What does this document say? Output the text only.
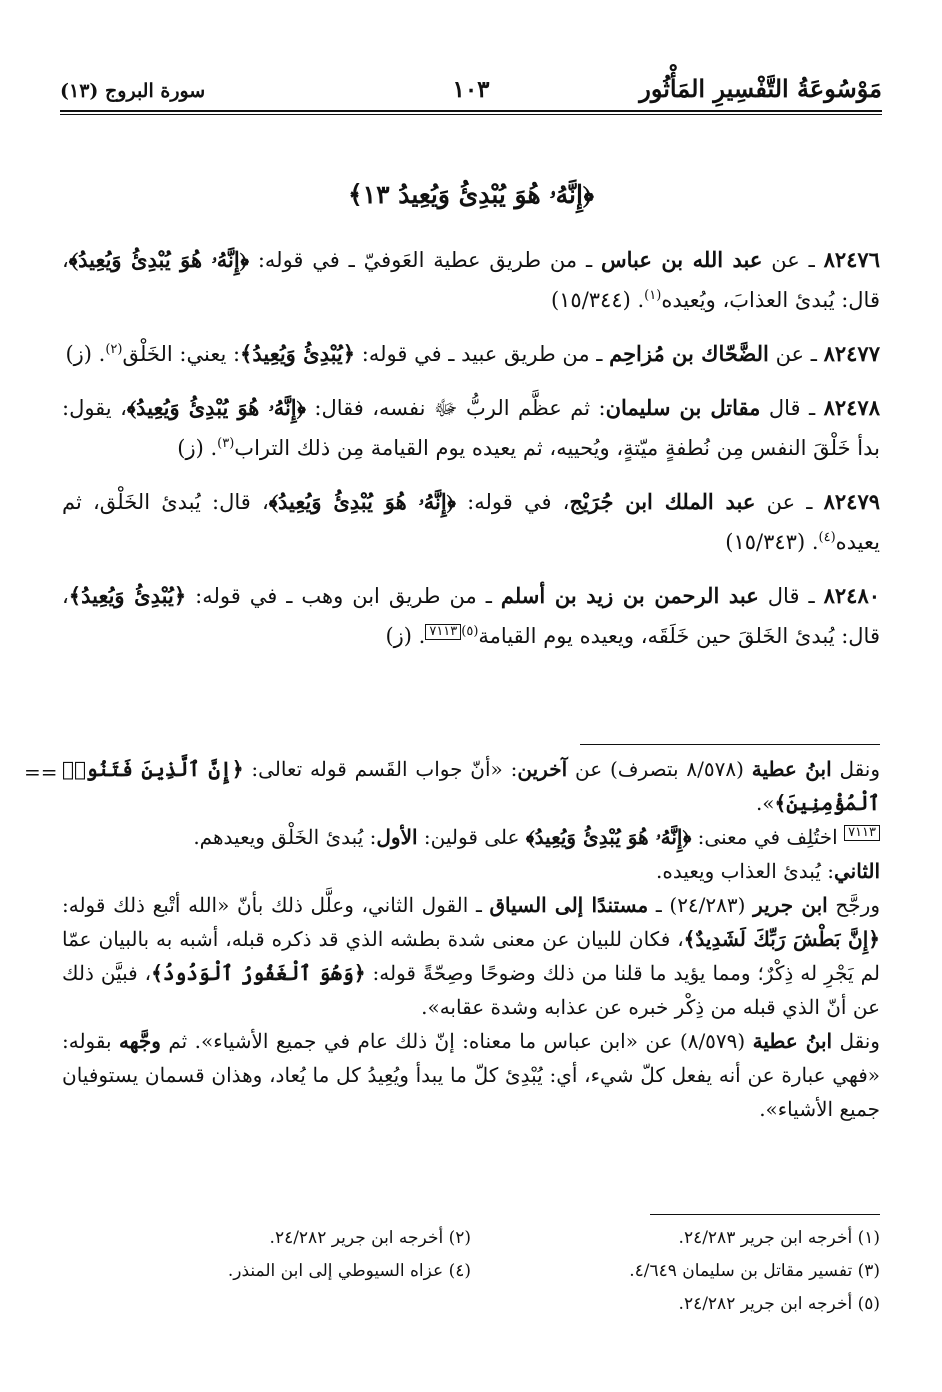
مَوْسُوعَةُ التَّفْسِيرِ المَأْثُور
١٠٣
سورة البروج (١٣)
﴿إِنَّهُۥ هُوَ يُبْدِئُ وَيُعِيدُ ١٣﴾

٨٢٤٧٦ ـ عن عبد الله بن عباس ـ من طريق عطية العَوفيّ ـ في قوله: ﴿إِنَّهُۥ هُوَ يُبْدِئُ وَيُعِيدُ﴾، قال: يُبدئ العذابَ، ويُعيده$^{(١)}$. (١٥/٣٤٤)

٨٢٤٧٧ ـ عن الضَّحّاك بن مُزاحِم ـ من طريق عبيد ـ في قوله: ﴿يُبْدِئُ وَيُعِيدُ﴾: يعني: الخَلْق$^{(٢)}$. (ز)

٨٢٤٧٨ ـ قال مقاتل بن سليمان: ثم عظَّم الربُّ ﷻ نفسه، فقال: ﴿إِنَّهُۥ هُوَ يُبْدِئُ وَيُعِيدُ﴾، يقول: بدأ خَلْقَ النفس مِن نُطفةٍ ميّتةٍ، ويُحييه، ثم يعيده يوم القيامة مِن ذلك التراب$^{(٣)}$. (ز)

٨٢٤٧٩ ـ عن عبد الملك ابن جُرَيْج، في قوله: ﴿إِنَّهُۥ هُوَ يُبْدِئُ وَيُعِيدُ﴾، قال: يُبدئ الخَلْق، ثم يعيده$^{(٤)}$. (١٥/٣٤٣)

٨٢٤٨٠ ـ قال عبد الرحمن بن زيد بن أسلم ـ من طريق ابن وهب ـ في قوله: ﴿يُبْدِئُ وَيُعِيدُ﴾، قال: يُبدئ الخَلقَ حين خَلَقَه، ويعيده يوم القيامة$^{(٥)}$٧١١٣. (ز)

==	ونقل ابنُ عطية (٨/٥٧٨ بتصرف) عن آخرين: «أنّ جواب القَسم قوله تعالى: ﴿إِنَّ ٱلَّذِينَ فَتَنُوا۟ ٱلْمُؤْمِنِينَ﴾».

٧١١٣ اختُلِف في معنى: ﴿إِنَّهُۥ هُوَ يُبْدِئُ وَيُعِيدُ﴾ على قولين: الأول: يُبدئ الخَلْق ويعيدهم.

الثاني: يُبدئ العذاب ويعيده.

ورجَّح ابن جرير (٢٤/٢٨٣) ـ مستندًا إلى السياق ـ القول الثاني، وعلَّل ذلك بأنّ «الله أتْبع ذلك قوله: ﴿إِنَّ بَطْشَ رَبِّكَ لَشَدِيدٌ﴾، فكان للبيان عن معنى شدة بطشه الذي قد ذكره قبله، أشبه به بالبيان عمّا لم يَجْرِ له ذِكْرٌ؛ ومما يؤيد ما قلنا من ذلك وضوحًا وصِحّةً قوله: ﴿وَهُوَ ٱلْغَفُورُ ٱلْوَدُودُ﴾، فبيَّن ذلك عن أنّ الذي قبله من ذِكْر خبره عن عذابه وشدة عقابه».

ونقل ابنُ عطية (٨/٥٧٩) عن «ابن عباس ما معناه: إنّ ذلك عام في جميع الأشياء». ثم وجَّهه بقوله: «فهي عبارة عن أنه يفعل كلّ شيء، أي: يُبْدِئ كلّ ما يبدأ ويُعِيدُ كل ما يُعاد، وهذان قسمان يستوفيان جميع الأشياء».

(١) أخرجه ابن جرير ٢٤/٢٨٣.
(٣) تفسير مقاتل بن سليمان ٤/٦٤٩.
(٥) أخرجه ابن جرير ٢٤/٢٨٢.
(٢) أخرجه ابن جرير ٢٤/٢٨٢.
(٤) عزاه السيوطي إلى ابن المنذر.
